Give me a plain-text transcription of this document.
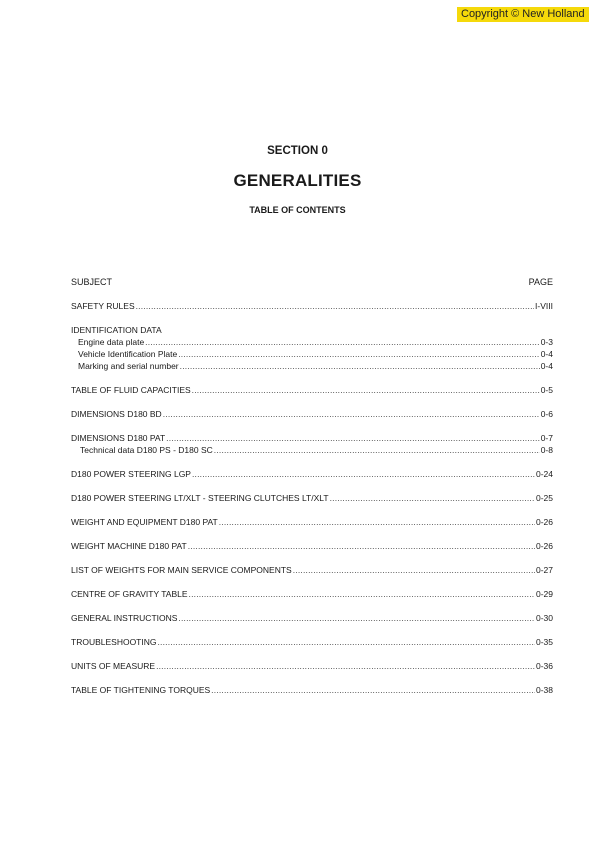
Copyright © New Holland
SECTION 0
GENERALITIES
TABLE OF CONTENTS
SUBJECT	PAGE
SAFETY RULES .....	I-VIII
IDENTIFICATION DATA
Engine data plate .....	0-3
Vehicle Identification Plate .....	0-4
Marking and serial number .....	0-4
TABLE OF FLUID CAPACITIES .....	0-5
DIMENSIONS D180 BD .....	0-6
DIMENSIONS D180 PAT .....	0-7
Technical data D180 PS - D180 SC .....	0-8
D180 POWER STEERING LGP .....	0-24
D180 POWER STEERING LT/XLT - STEERING CLUTCHES LT/XLT .....	0-25
WEIGHT AND EQUIPMENT D180 PAT .....	0-26
WEIGHT MACHINE D180 PAT .....	0-26
LIST OF WEIGHTS FOR MAIN SERVICE COMPONENTS .....	0-27
CENTRE OF GRAVITY TABLE .....	0-29
GENERAL INSTRUCTIONS .....	0-30
TROUBLESHOOTING .....	0-35
UNITS OF MEASURE .....	0-36
TABLE OF TIGHTENING TORQUES .....	0-38
